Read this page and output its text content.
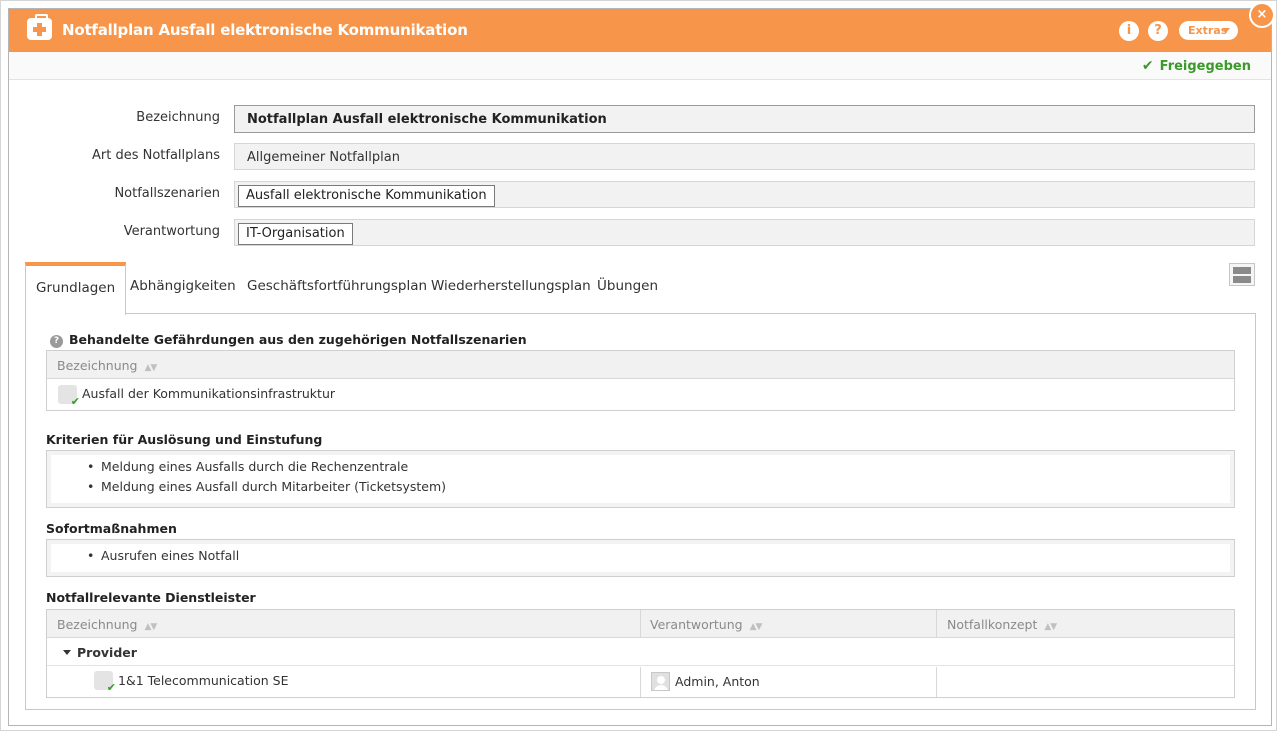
Notfallplan Ausfall elektronische Kommunikation	i	?	Extras
✔ Freigegeben
Bezeichnung Notfallplan Ausfall elektronische Kommunikation
Art des Notfallplans Allgemeiner Notfallplan
Notfallszenarien	Ausfall elektronische Kommunikation
Verantwortung	IT-Organisation
Grundlagen	Abhängigkeiten Geschäftsfortführungsplan Wiederherstellungsplan Übungen
? Behandelte Gefährdungen aus den zugehörigen Notfallszenarien
Bezeichnung ▲▼
✔
Ausfall der Kommunikationsinfrastruktur
Kriterien für Auslösung und Einstufung
• Meldung eines Ausfalls durch die Rechenzentrale
• Meldung eines Ausfall durch Mitarbeiter (Ticketsystem)
Sofortmaßnahmen
• Ausrufen eines Notfall
Notfallrelevante Dienstleister
Bezeichnung ▲▼	Verantwortung ▲▼	Notfallkonzept ▲▼
Provider
✔ 1&1 Telecommunication SE	Admin, Anton
×
